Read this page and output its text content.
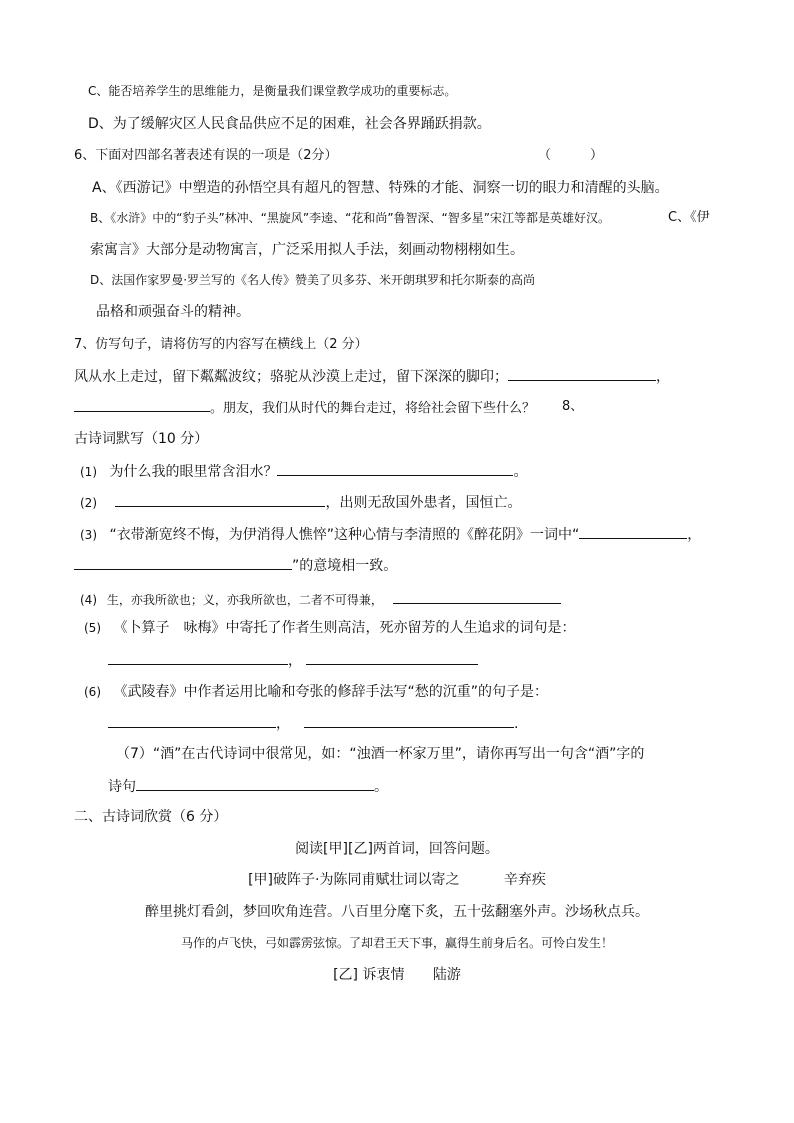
C、能否培养学生的思维能力，是衡量我们课堂教学成功的重要标志。
D、为了缓解灾区人民食品供应不足的困难，社会各界踊跃捐款。
6、下面对四部名著表述有误的一项是（2分）	（　　　）
A、《西游记》中塑造的孙悟空具有超凡的智慧、特殊的才能、洞察一切的眼力和清醒的头脑。
B、《水浒》中的“豹子头”林冲、“黑旋风”李逵、“花和尚”鲁智深、“智多星”宋江等都是英雄好汉。	C、《伊
索寓言》大部分是动物寓言，广泛采用拟人手法，刻画动物栩栩如生。
D、法国作家罗曼·罗兰写的《名人传》赞美了贝多芬、米开朗琪罗和托尔斯泰的高尚
品格和顽强奋斗的精神。
7、仿写句子，请将仿写的内容写在横线上（2 分）
风从水上走过，留下粼粼波纹；骆驼从沙漠上走过，留下深深的脚印；	，
。朋友，我们从时代的舞台走过，将给社会留下些什么？ 8、
古诗词默写（10 分）
(1) 为什么我的眼里常含泪水？	。
(2)	，出则无敌国外患者，国恒亡。
(3) “衣带渐宽终不悔，为伊消得人憔悴”这种心情与李清照的《醉花阴》一词中“	，
”的意境相一致。
(4) 生，亦我所欲也；义，亦我所欲也，二者不可得兼，
(5) 《卜算子　咏梅》中寄托了作者生则高洁，死亦留芳的人生追求的词句是：
，
(6) 《武陵春》中作者运用比喻和夸张的修辞手法写“愁的沉重”的句子是：
，	.
（7）“酒”在古代诗词中很常见，如：“浊酒一杯家万里”，请你再写出一句含“酒”字的
诗句	。
二、古诗词欣赏（6 分）
阅读[甲][乙]两首词，回答问题。
[甲]破阵子·为陈同甫赋壮词以寄之	辛弃疾
醉里挑灯看剑，梦回吹角连营。八百里分麾下炙，五十弦翻塞外声。沙场秋点兵。
马作的卢飞快，弓如霹雳弦惊。了却君王天下事，赢得生前身后名。可怜白发生！
[乙] 诉衷情 陆游
